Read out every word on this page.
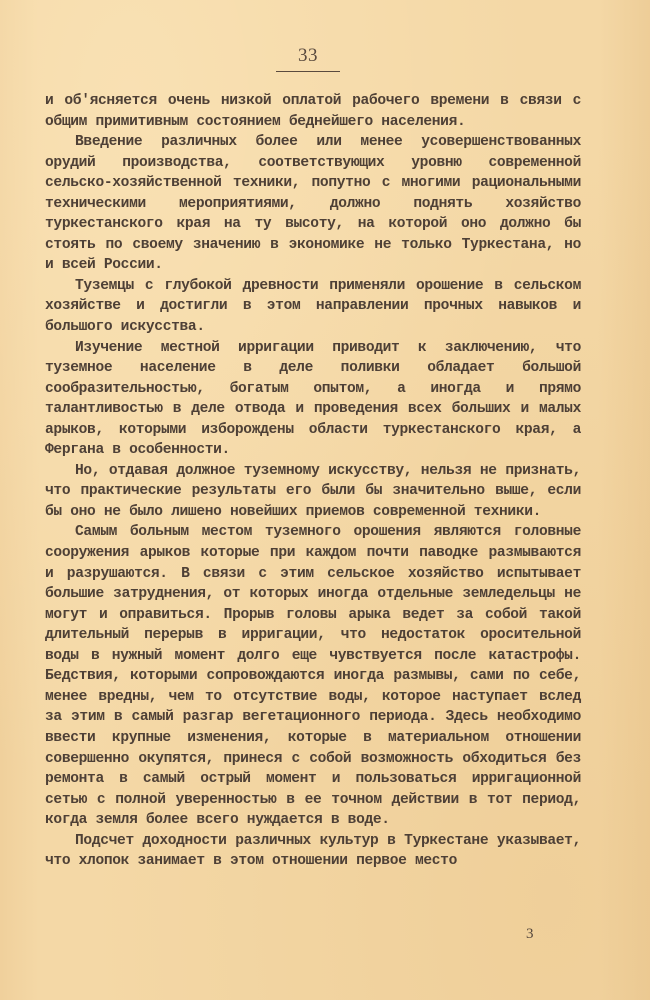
33

и об'ясняется очень низкой оплатой рабочего времени в связи с общим примитивным состоянием беднейшего населения.

Введение различных более или менее усовершенствованных орудий производства, соответствующих уровню современной сельско-хозяйственной техники, попутно с многими рациональными техническими мероприятиями, должно поднять хозяйство туркестанского края на ту высоту, на которой оно должно бы стоять по своему значению в экономике не только Туркестана, но и всей России.

Туземцы с глубокой древности применяли орошение в сельском хозяйстве и достигли в этом направлении прочных навыков и большого искусства.

Изучение местной ирригации приводит к заключению, что туземное население в деле поливки обладает большой сообразительностью, богатым опытом, а иногда и прямо талантливостью в деле отвода и проведения всех больших и малых арыков, которыми изборождены области туркестанского края, а Фергана в особенности.

Но, отдавая должное туземному искусству, нельзя не признать, что практические результаты его были бы значительно выше, если бы оно не было лишено новейших приемов современной техники.

Самым больным местом туземного орошения являются головные сооружения арыков которые при каждом почти паводке размываются и разрушаются. В связи с этим сельское хозяйство испытывает большие затруднения, от которых иногда отдельные земледельцы не могут и оправиться. Прорыв головы арыка ведет за собой такой длительный перерыв в ирригации, что недостаток оросительной воды в нужный момент долго еще чувствуется после катастрофы. Бедствия, которыми сопровождаются иногда размывы, сами по себе, менее вредны, чем то отсутствие воды, которое наступает вслед за этим в самый разгар вегетационного периода. Здесь необходимо ввести крупные изменения, которые в материальном отношении совершенно окупятся, принеся с собой возможность обходиться без ремонта в самый острый момент и пользоваться ирригационной сетью с полной уверенностью в ее точном действии в тот период, когда земля более всего нуждается в воде.

Подсчет доходности различных культур в Туркестане указывает, что хлопок занимает в этом отношении первое место

3
